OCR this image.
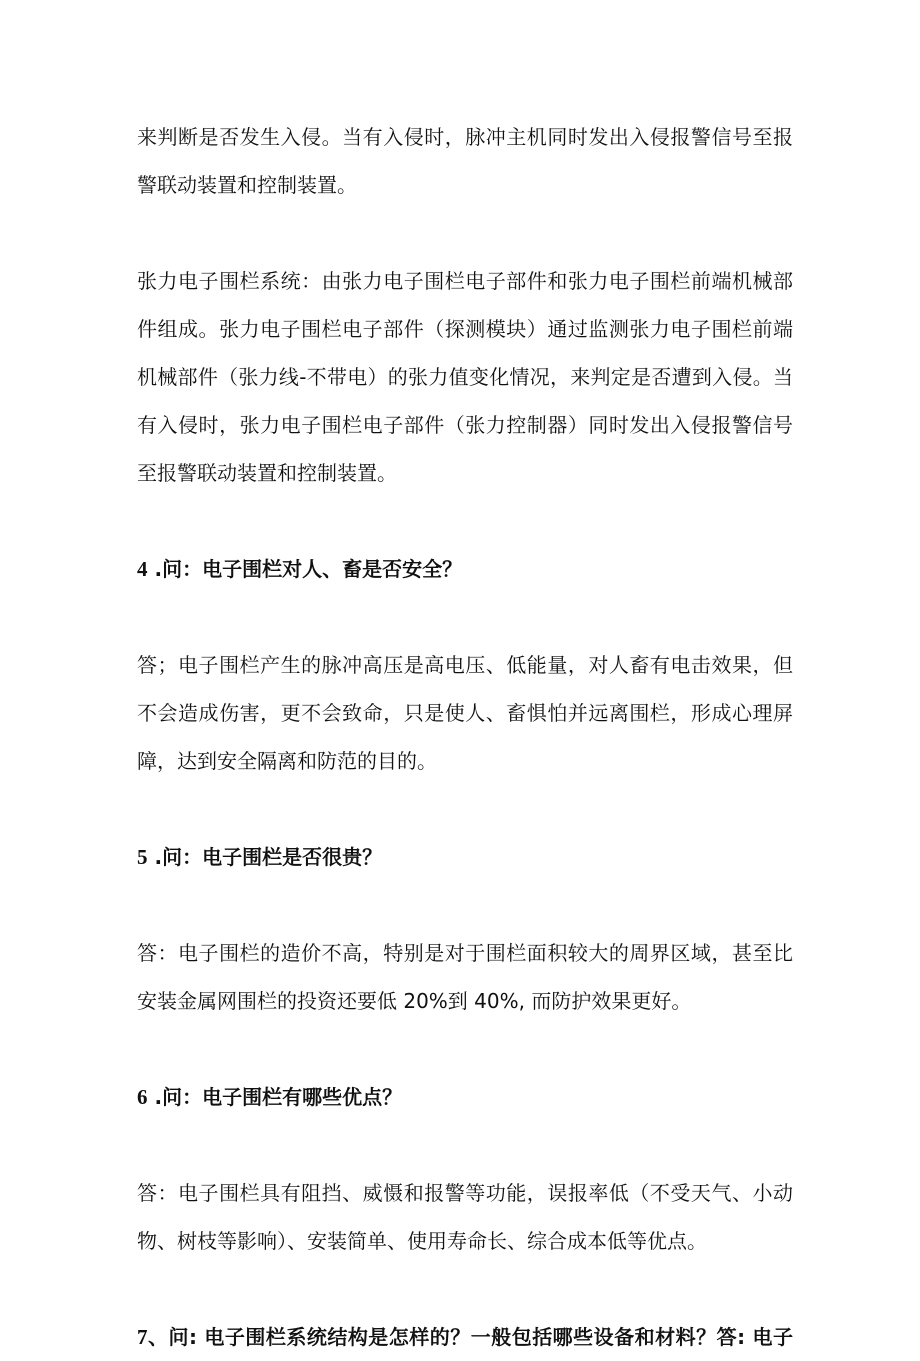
来判断是否发生入侵。当有入侵时，脉冲主机同时发出入侵报警信号至报
警联动装置和控制装置。

张力电子围栏系统：由张力电子围栏电子部件和张力电子围栏前端机械部
件组成。张力电子围栏电子部件（探测模块）通过监测张力电子围栏前端
机械部件（张力线-不带电）的张力值变化情况，来判定是否遭到入侵。当
有入侵时，张力电子围栏电子部件（张力控制器）同时发出入侵报警信号
至报警联动装置和控制装置。

4 .问：电子围栏对人、畜是否安全？

答；电子围栏产生的脉冲高压是高电压、低能量，对人畜有电击效果，但
不会造成伤害，更不会致命，只是使人、畜惧怕并远离围栏，形成心理屏
障，达到安全隔离和防范的目的。

5 .问：电子围栏是否很贵？

答：电子围栏的造价不高，特别是对于围栏面积较大的周界区域，甚至比
安装金属网围栏的投资还要低 20%到 40%, 而防护效果更好。

6 .问：电子围栏有哪些优点？

答：电子围栏具有阻挡、威慑和报警等功能，误报率低（不受天气、小动
物、树枝等影响）、安装简单、使用寿命长、综合成本低等优点。

7、问: 电子围栏系统结构是怎样的？一般包括哪些设备和材料？答: 电子
